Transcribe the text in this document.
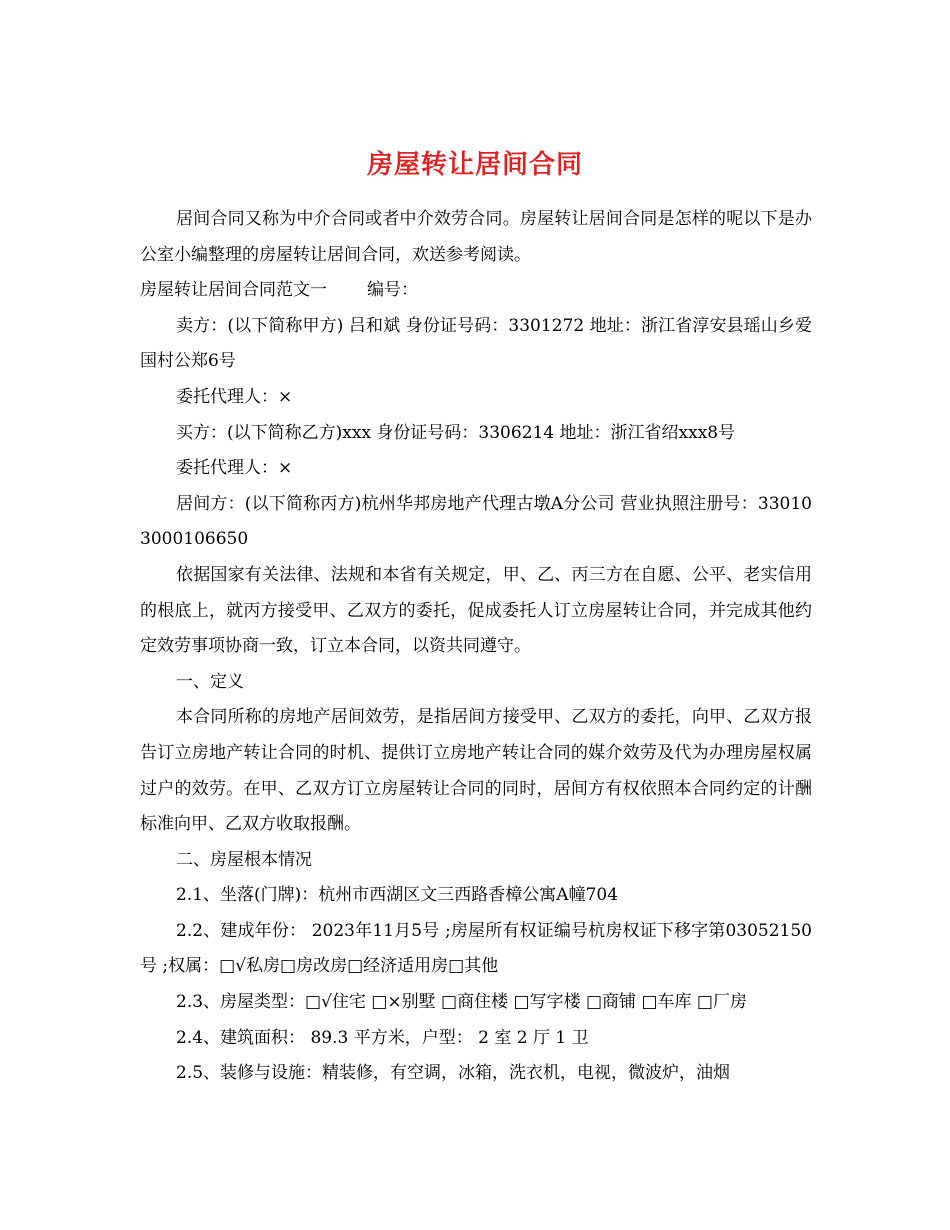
房屋转让居间合同

居间合同又称为中介合同或者中介效劳合同。房屋转让居间合同是怎样的呢以下是办公室小编整理的房屋转让居间合同，欢送参考阅读。

房屋转让居间合同范文一 编号：

卖方：(以下简称甲方) 吕和斌 身份证号码：3301272 地址：浙江省淳安县瑶山乡爱国村公郑6号

委托代理人：×

买方：(以下简称乙方)xxx 身份证号码：3306214 地址：浙江省绍xxx8号

委托代理人：×

居间方：(以下简称丙方)杭州华邦房地产代理古墩A分公司 营业执照注册号：330103000106650

依据国家有关法律、法规和本省有关规定，甲、乙、丙三方在自愿、公平、老实信用的根底上，就丙方接受甲、乙双方的委托，促成委托人订立房屋转让合同，并完成其他约定效劳事项协商一致，订立本合同，以资共同遵守。

一、定义

本合同所称的房地产居间效劳，是指居间方接受甲、乙双方的委托，向甲、乙双方报告订立房地产转让合同的时机、提供订立房地产转让合同的媒介效劳及代为办理房屋权属过户的效劳。在甲、乙双方订立房屋转让合同的同时，居间方有权依照本合同约定的计酬标准向甲、乙双方收取报酬。

二、房屋根本情况

2.1、坐落(门牌)：杭州市西湖区文三西路香樟公寓A幢704

2.2、建成年份： 2023年11月5号 ;房屋所有权证编号杭房权证下移字第03052150号 ;权属：□√私房□房改房□经济适用房□其他

2.3、房屋类型：□√住宅 □×别墅 □商住楼 □写字楼 □商铺 □车库 □厂房

2.4、建筑面积： 89.3 平方米，户型： 2 室 2 厅 1 卫

2.5、装修与设施：精装修，有空调，冰箱，洗衣机，电视，微波炉，油烟
